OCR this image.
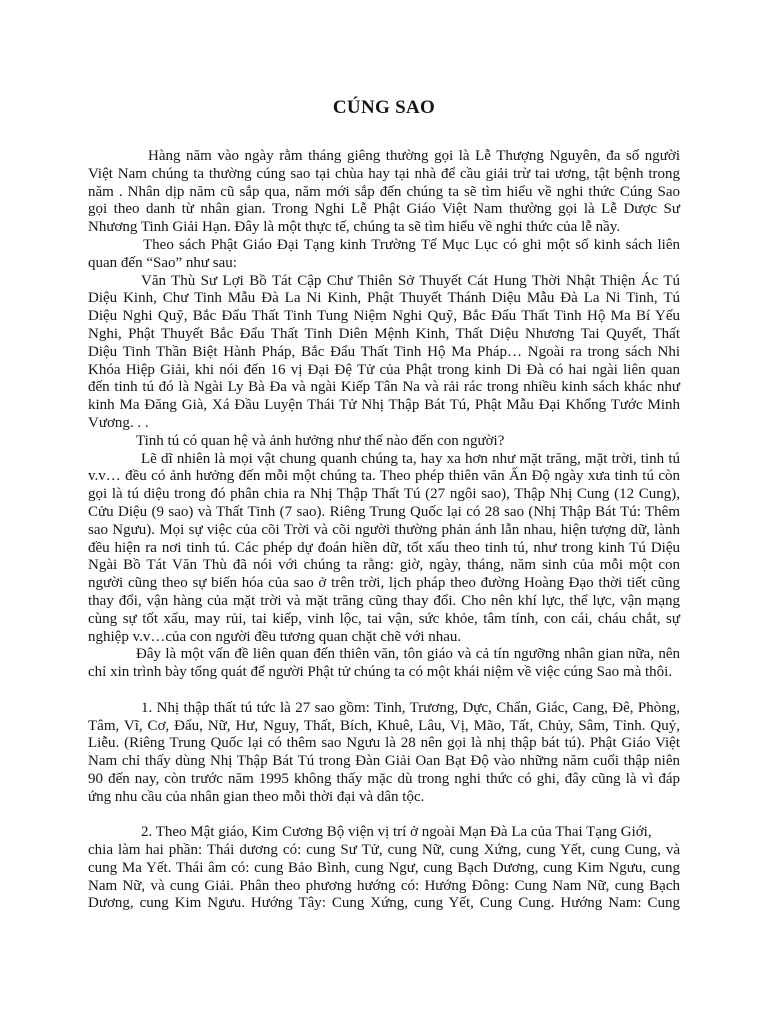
CÚNG SAO
Hàng năm vào ngày rằm tháng giêng thường gọi là Lễ Thượng Nguyên, đa số người
Việt Nam chúng ta thường cúng sao tại chùa hay tại nhà để cầu giải trừ tai ương, tật bệnh trong
năm . Nhân dịp năm cũ sắp qua, năm mới sắp đến chúng ta sẽ tìm hiểu về nghi thức Cúng Sao
gọi theo danh từ nhân gian. Trong Nghi Lễ Phật Giáo Việt Nam thường gọi là Lễ Dược Sư
Nhương Tinh Giải Hạn. Đây là một thực tế, chúng ta sẽ tìm hiểu về nghi thức của lễ nầy.
Theo sách Phật Giáo Đại Tạng kinh Trường Tế Mục Lục có ghi một số kinh sách liên
quan đến “Sao” như sau:
Văn Thù Sư Lợi Bồ Tát Cập Chư Thiên Sở Thuyết Cát Hung Thời Nhật Thiện Ác Tú
Diệu Kinh, Chư Tinh Mẫu Đà La Ni Kinh, Phật Thuyết Thánh Diệu Mẫu Đà La Ni Tinh, Tú
Diệu Nghi Quỹ, Bắc Đẩu Thất Tinh Tung Niệm Nghi Quỹ, Bắc Đẩu Thất Tinh Hộ Ma Bí Yếu
Nghi, Phật Thuyết Bắc Đẩu Thất Tinh Diên Mệnh Kinh, Thất Diệu Nhương Tai Quyết, Thất
Diệu Tinh Thần Biệt Hành Pháp, Bắc Đẩu Thất Tinh Hộ Ma Pháp… Ngoài ra trong sách Nhi
Khóa Hiệp Giải, khi nói đến 16 vị Đại Đệ Tử của Phật trong kinh Di Đà có hai ngài liên quan
đến tinh tú đó là Ngài Ly Bà Đa và ngài Kiếp Tân Na và rải rác trong nhiều kinh sách khác như
kinh Ma Đăng Già, Xá Đầu Luyện Thái Tử Nhị Thập Bát Tú, Phật Mẫu Đại Khổng Tước Minh
Vương. . .
Tinh tú có quan hệ và ảnh hưởng như thế nào đến con người?
Lẽ dĩ nhiên là mọi vật chung quanh chúng ta, hay xa hơn như mặt trăng, mặt trời, tinh tú
v.v… đều có ảnh hưởng đến mỗi một chúng ta. Theo phép thiên văn Ấn Độ ngày xưa tinh tú còn
gọi là tú diệu trong đó phân chia ra Nhị Thập Thất Tú (27 ngôi sao), Thập Nhị Cung (12 Cung),
Cửu Diệu (9 sao) và Thất Tinh (7 sao). Riêng Trung Quốc lại có 28 sao (Nhị Thập Bát Tú: Thêm
sao Ngưu). Mọi sự việc của cõi Trời và cõi người thường phản ánh lẫn nhau, hiện tượng dữ, lành
đều hiện ra nơi tinh tú. Các phép dự đoán hiền dữ, tốt xấu theo tinh tú, như trong kinh Tú Diệu
Ngài Bồ Tát Văn Thù đã nói với chúng ta rằng: giờ, ngày, tháng, năm sinh của mỗi một con
người cũng theo sự biến hóa của sao ở trên trời, lịch pháp theo đường Hoàng Đạo thời tiết cũng
thay đổi, vận hàng của mặt trời và mặt trăng cũng thay đổi. Cho nên khí lực, thể lực, vận mạng
cùng sự tốt xấu, may rủi, tai kiếp, vinh lộc, tai vận, sức khỏe, tâm tính, con cái, cháu chắt, sự
nghiệp v.v…của con người đều tương quan chặt chẽ với nhau.
Đây là một vấn đề liên quan đến thiên văn, tôn giáo và cả tín ngưỡng nhân gian nữa, nên
chỉ xin trình bày tổng quát để người Phật tử chúng ta có một khái niệm về việc cúng Sao mà thôi.
1. Nhị thập thất tú tức là 27 sao gồm: Tinh, Trương, Dực, Chẩn, Giác, Cang, Đê, Phòng,
Tâm, Vĩ, Cơ, Đẩu, Nữ, Hư, Nguy, Thất, Bích, Khuê, Lâu, Vị, Mão, Tất, Chủy, Sâm, Tỉnh. Quỷ,
Liễu. (Riêng Trung Quốc lại có thêm sao Ngưu là 28 nên gọi là nhị thập bát tú). Phật Giáo Việt
Nam chỉ thấy dùng Nhị Thập Bát Tú trong Đàn Giải Oan Bạt Độ vào những năm cuối thập niên
90 đến nay, còn trước năm 1995 không thấy mặc dù trong nghi thức có ghi, đây cũng là vì đáp
ứng nhu cầu của nhân gian theo mỗi thời đại và dân tộc.
2. Theo Mật giáo, Kim Cương Bộ viện vị trí ở ngoài Mạn Đà La của Thai Tạng Giới,
chia làm hai phần: Thái dương có: cung Sư Tử, cung Nữ, cung Xứng, cung Yết, cung Cung, và
cung Ma Yết. Thái âm có: cung Bảo Bình, cung Ngư, cung Bạch Dương, cung Kim Ngưu, cung
Nam Nữ, và cung Giải. Phân theo phương hướng có: Hướng Đông: Cung Nam Nữ, cung Bạch
Dương, cung Kim Ngưu. Hướng Tây: Cung Xứng, cung Yết, Cung Cung. Hướng Nam: Cung
